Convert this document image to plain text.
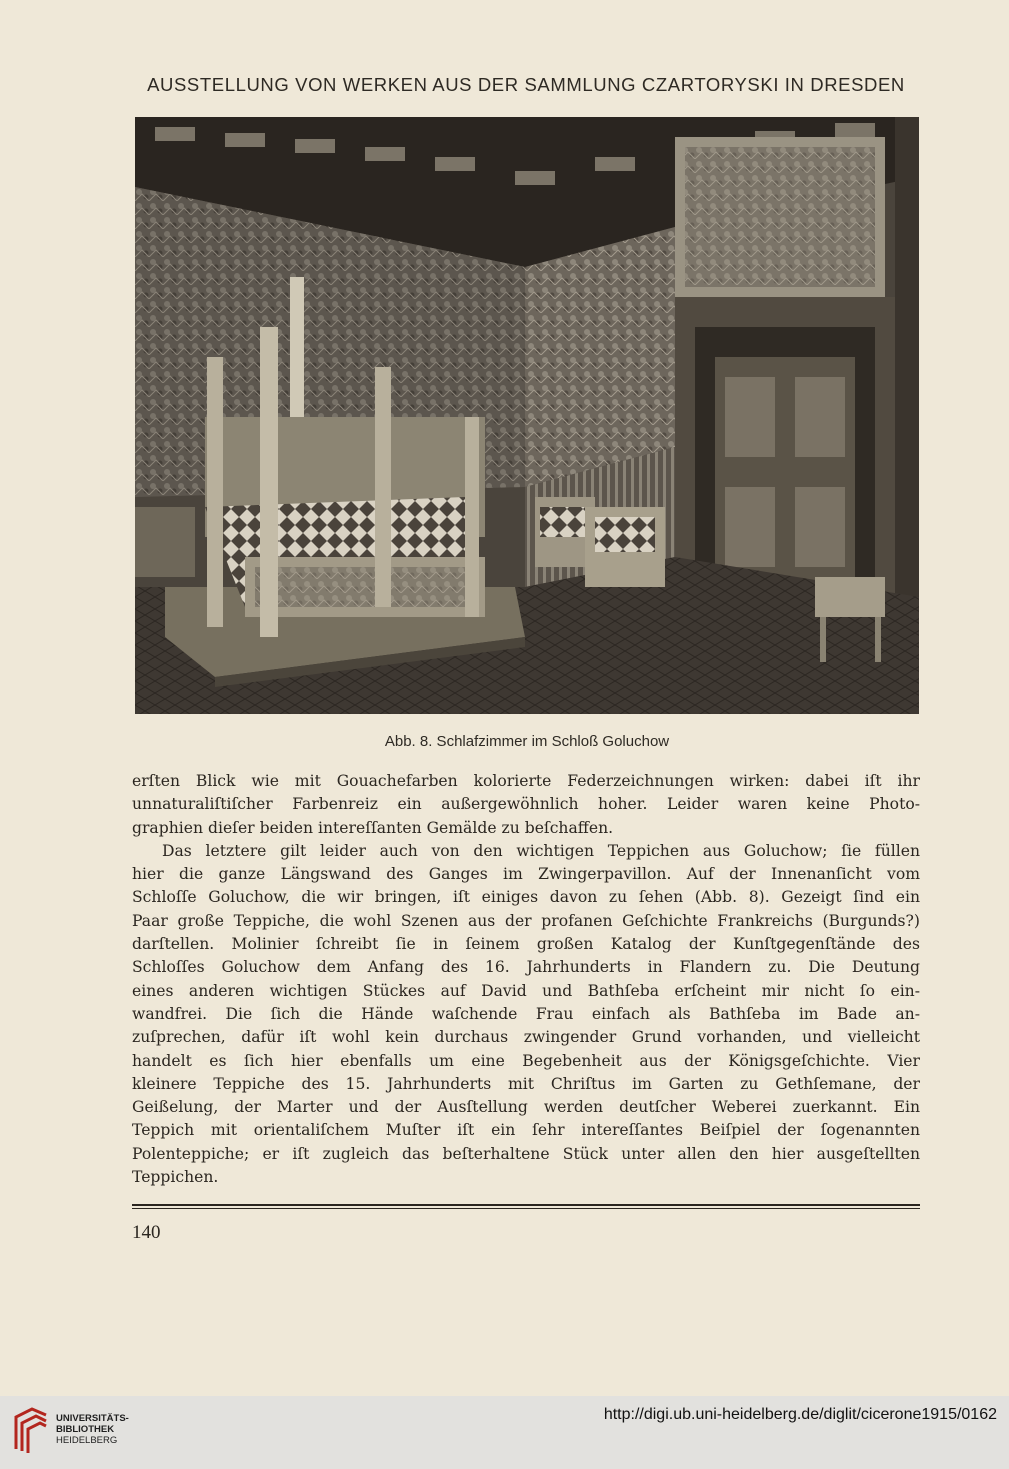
AUSSTELLUNG VON WERKEN AUS DER SAMMLUNG CZARTORYSKI IN DRESDEN
Abb. 8. Schlafzimmer im Schloß Goluchow
erſten Blick wie mit Gouachefarben kolorierte Federzeichnungen wirken: dabei iſt ihr
unnaturaliſtiſcher Farbenreiz ein außergewöhnlich hoher. Leider waren keine Photo-
graphien dieſer beiden intereſſanten Gemälde zu beſchaffen.
Das letztere gilt leider auch von den wichtigen Teppichen aus Goluchow; ſie füllen
hier die ganze Längswand des Ganges im Zwingerpavillon. Auf der Innenanſicht vom
Schloſſe Goluchow, die wir bringen, iſt einiges davon zu ſehen (Abb. 8). Gezeigt ſind ein
Paar große Teppiche, die wohl Szenen aus der profanen Geſchichte Frankreichs (Burgunds?)
darſtellen. Molinier ſchreibt ſie in ſeinem großen Katalog der Kunſtgegenſtände des
Schloſſes Goluchow dem Anfang des 16. Jahrhunderts in Flandern zu. Die Deutung
eines anderen wichtigen Stückes auf David und Bathſeba erſcheint mir nicht ſo ein-
wandfrei. Die ſich die Hände waſchende Frau einfach als Bathſeba im Bade an-
zuſprechen, dafür iſt wohl kein durchaus zwingender Grund vorhanden, und vielleicht
handelt es ſich hier ebenfalls um eine Begebenheit aus der Königsgeſchichte. Vier
kleinere Teppiche des 15. Jahrhunderts mit Chriſtus im Garten zu Gethſemane, der
Geißelung, der Marter und der Ausſtellung werden deutſcher Weberei zuerkannt. Ein
Teppich mit orientaliſchem Muſter iſt ein ſehr intereſſantes Beiſpiel der ſogenannten
Polenteppiche; er iſt zugleich das beſterhaltene Stück unter allen den hier ausgeſtellten
Teppichen.
140
UNIVERSITÄTS-
BIBLIOTHEK
HEIDELBERG
http://digi.ub.uni-heidelberg.de/diglit/cicerone1915/0162
